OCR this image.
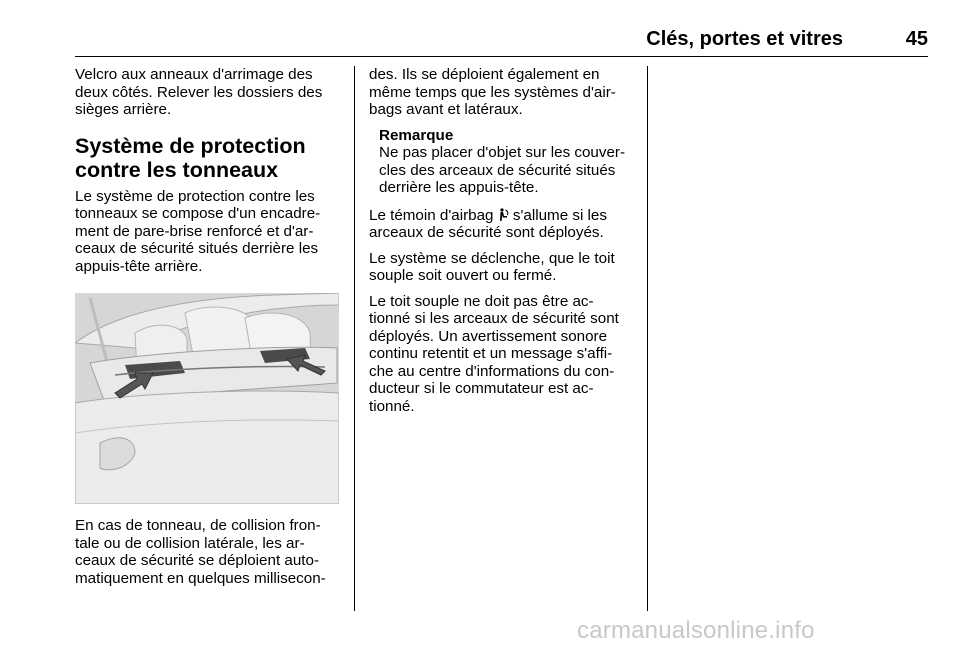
Clés, portes et vitres	45

Velcro aux anneaux d'arrimage des
deux côtés. Relever les dossiers des
sièges arrière.

Système de protection
contre les tonneaux

Le système de protection contre les
tonneaux se compose d'un encadre-
ment de pare-brise renforcé et d'ar-
ceaux de sécurité situés derrière les
appuis-tête arrière.

En cas de tonneau, de collision fron-
tale ou de collision latérale, les ar-
ceaux de sécurité se déploient auto-
matiquement en quelques millisecon-

des. Ils se déploient également en
même temps que les systèmes d'air-
bags avant et latéraux.

Remarque
Ne pas placer d'objet sur les couver-
cles des arceaux de sécurité situés
derrière les appuis-tête.

Le témoin d'airbag  s'allume si les
arceaux de sécurité sont déployés.

Le système se déclenche, que le toit
souple soit ouvert ou fermé.

Le toit souple ne doit pas être ac-
tionné si les arceaux de sécurité sont
déployés. Un avertissement sonore
continu retentit et un message s'affi-
che au centre d'informations du con-
ducteur si le commutateur est ac-
tionné.

carmanualsonline.info
